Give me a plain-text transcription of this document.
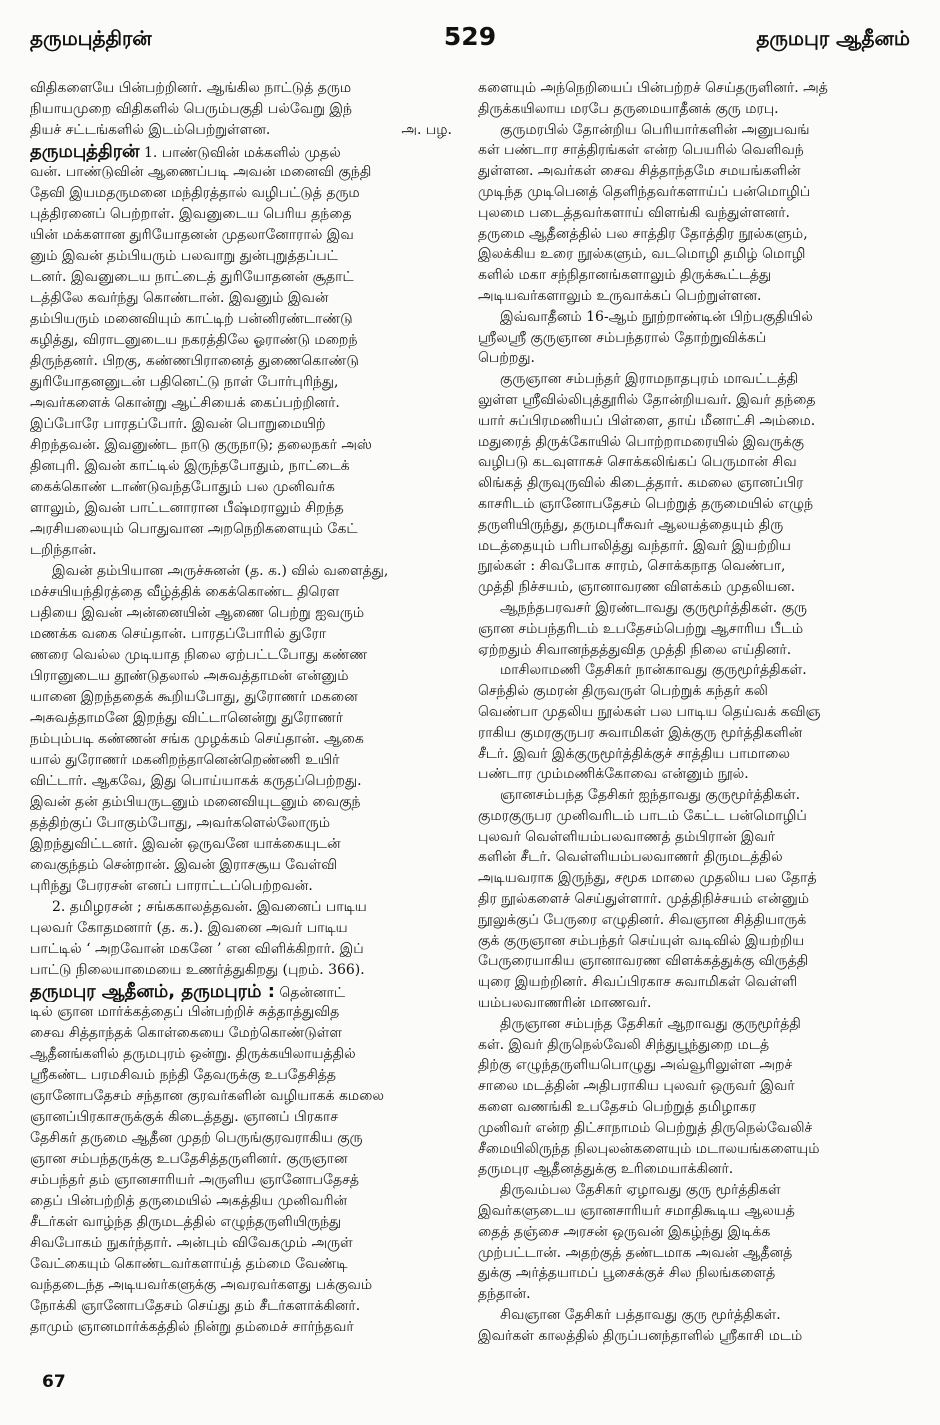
தருமபுத்திரன்	529	தருமபுர ஆதீனம்
விதிகளையே பின்பற்றினர். ஆங்கில நாட்டுத் தரும
நியாயமுறை விதிகளில் பெரும்பகுதி பல்வேறு இந்
அ. பழ.
தியச் சட்டங்களில் இடம்பெற்றுள்ளன.
தருமபுத்திரன் 1. பாண்டுவின் மக்களில் முதல்
வன். பாண்டுவின் ஆணைப்படி அவன் மனைவி குந்தி
தேவி இயமதருமனை மந்திரத்தால் வழிபட்டுத் தரும
புத்திரனைப் பெற்றாள். இவனுடைய பெரிய தந்தை
யின் மக்களான துரியோதனன் முதலானோரால் இவ
னும் இவன் தம்பியரும் பலவாறு துன்புறுத்தப்பட்
டனர். இவனுடைய நாட்டைத் துரியோதனன் சூதாட்
டத்திலே கவர்ந்து கொண்டான். இவனும் இவன்
தம்பியரும் மனைவியும் காட்டிற் பன்னிரண்டாண்டு
கழித்து, விராடனுடைய நகரத்திலே ஓராண்டு மறைந்
திருந்தனர். பிறகு, கண்ணபிரானைத் துணைகொண்டு
துரியோதனனுடன் பதினெட்டு நாள் போர்புரிந்து,
அவர்களைக் கொன்று ஆட்சியைக் கைப்பற்றினர்.
இப்போரே பாரதப்போர். இவன் பொறுமையிற்
சிறந்தவன். இவனுண்ட நாடு குருநாடு; தலைநகர் அஸ்
தினபுரி. இவன் காட்டில் இருந்தபோதும், நாட்டைக்
கைக்கொண் டாண்டுவந்தபோதும் பல முனிவர்க
ளாலும், இவன் பாட்டனாரான பீஷ்மராலும் சிறந்த
அரசியலையும் பொதுவான அறநெறிகளையும் கேட்
டறிந்தான்.
இவன் தம்பியான அருச்சுனன் (த. க.) வில் வளைத்து,
மச்சயியந்திரத்தை வீழ்த்திக் கைக்கொண்ட திரௌ
பதியை இவன் அன்னையின் ஆணை பெற்று ஐவரும்
மணக்க வகை செய்தான். பாரதப்போரில் துரோ
ணரை வெல்ல முடியாத நிலை ஏற்பட்டபோது கண்ண
பிரானுடைய தூண்டுதலால் அசுவத்தாமன் என்னும்
யானை இறந்ததைக் கூறியபோது, துரோணர் மகனை
அசுவத்தாமனே இறந்து விட்டானென்று துரோணர்
நம்பும்படி கண்ணன் சங்க முழக்கம் செய்தான். ஆகை
யால் துரோணர் மகனிறந்தானென்றெண்ணி உயிர்
விட்டார். ஆகவே, இது பொய்யாகக் கருதப்பெற்றது.
இவன் தன் தம்பியருடனும் மனைவியுடனும் வைகுந்
தத்திற்குப் போகும்போது, அவர்களெல்லோரும்
இறந்துவிட்டனர். இவன் ஒருவனே யாக்கையுடன்
வைகுந்தம் சென்றான். இவன் இராசசூய வேள்வி
புரிந்து பேரரசன் எனப் பாராட்டப்பெற்றவன்.
2. தமிழரசன் ; சங்ககாலத்தவன். இவனைப் பாடிய
புலவர் கோதமனார் (த. க.). இவனை அவர் பாடிய
பாட்டில் ‘ அறவோன் மகனே ’ என விளிக்கிறார். இப்
பாட்டு நிலையாமையை உணர்த்துகிறது (புறம். 366).
தருமபுர ஆதீனம், தருமபுரம் : தென்னாட்
டில் ஞான மார்க்கத்தைப் பின்பற்றிச் சுத்தாத்துவித
சைவ சித்தாந்தக் கொள்கையை மேற்கொண்டுள்ள
ஆதீனங்களில் தருமபுரம் ஒன்று. திருக்கயிலாயத்தில்
ஸ்ரீகண்ட பரமசிவம் நந்தி தேவருக்கு உபதேசித்த
ஞானோபதேசம் சந்தான குரவர்களின் வழியாகக் கமலை
ஞானப்பிரகாசருக்குக் கிடைத்தது. ஞானப் பிரகாச
தேசிகர் தருமை ஆதீன முதற் பெருங்குரவராகிய குரு
ஞான சம்பந்தருக்கு உபதேசித்தருளினர். குருஞான
சம்பந்தர் தம் ஞானசாரியர் அருளிய ஞானோபதேசத்
தைப் பின்பற்றித் தருமையில் அகத்திய முனிவரின்
சீடர்கள் வாழ்ந்த திருமடத்தில் எழுந்தருளியிருந்து
சிவபோகம் நுகர்ந்தார். அன்பும் விவேகமும் அருள்
வேட்கையும் கொண்டவர்களாய்த் தம்மை வேண்டி
வந்தடைந்த அடியவர்களுக்கு அவரவர்களது பக்குவம்
நோக்கி ஞானோபதேசம் செய்து தம் சீடர்களாக்கினர்.
தாமும் ஞானமார்க்கத்தில் நின்று தம்மைச் சார்ந்தவர்
களையும் அந்நெறியைப் பின்பற்றச் செய்தருளினர். அத்
திருக்கயிலாய மரபே தருமையாதீனக் குரு மரபு.
குருமரபில் தோன்றிய பெரியார்களின் அனுபவங்
கள் பண்டார சாத்திரங்கள் என்ற பெயரில் வெளிவந்
துள்ளன. அவர்கள் சைவ சித்தாந்தமே சமயங்களின்
முடிந்த முடிபெனத் தெளிந்தவர்களாய்ப் பன்மொழிப்
புலமை படைத்தவர்களாய் விளங்கி வந்துள்ளனர்.
தருமை ஆதீனத்தில் பல சாத்திர தோத்திர நூல்களும்,
இலக்கிய உரை நூல்களும், வடமொழி தமிழ் மொழி
களில் மகா சந்நிதானங்களாலும் திருக்கூட்டத்து
அடியவர்களாலும் உருவாக்கப் பெற்றுள்ளன.
இவ்வாதீனம் 16-ஆம் நூற்றாண்டின் பிற்பகுதியில்
ஸ்ரீலஸ்ரீ குருஞான சம்பந்தரால் தோற்றுவிக்கப்
பெற்றது.
குருஞான சம்பந்தர் இராமநாதபுரம் மாவட்டத்தி
லுள்ள ஸ்ரீவில்லிபுத்தூரில் தோன்றியவர். இவர் தந்தை
யார் சுப்பிரமணியப் பிள்ளை, தாய் மீனாட்சி அம்மை.
மதுரைத் திருக்கோயில் பொற்றாமரையில் இவருக்கு
வழிபடு கடவுளாகச் சொக்கலிங்கப் பெருமான் சிவ
லிங்கத் திருவுருவில் கிடைத்தார். கமலை ஞானப்பிர
காசரிடம் ஞானோபதேசம் பெற்றுத் தருமையில் எழுந்
தருளியிருந்து, தருமபுரீசுவர் ஆலயத்தையும் திரு
மடத்தையும் பரிபாலித்து வந்தார். இவர் இயற்றிய
நூல்கள் : சிவபோக சாரம், சொக்கநாத வெண்பா,
முத்தி நிச்சயம், ஞானாவரண விளக்கம் முதலியன.
ஆநந்தபரவசர் இரண்டாவது குருமூர்த்திகள். குரு
ஞான சம்பந்தரிடம் உபதேசம்பெற்று ஆசாரிய பீடம்
ஏற்றதும் சிவானந்தத்துவித முத்தி நிலை எய்தினர்.
மாசிலாமணி தேசிகர் நான்காவது குருமூர்த்திகள்.
செந்தில் குமரன் திருவருள் பெற்றுக் கந்தர் கலி
வெண்பா முதலிய நூல்கள் பல பாடிய தெய்வக் கவிஞ
ராகிய குமரகுருபர சுவாமிகள் இக்குரு மூர்த்திகளின்
சீடர். இவர் இக்குருமூர்த்திக்குச் சாத்திய பாமாலை
பண்டார மும்மணிக்கோவை என்னும் நூல்.
ஞானசம்பந்த தேசிகர் ஐந்தாவது குருமூர்த்திகள்.
குமரகுருபர முனிவரிடம் பாடம் கேட்ட பன்மொழிப்
புலவர் வெள்ளியம்பலவாணத் தம்பிரான் இவர்
களின் சீடர். வெள்ளியம்பலவாணர் திருமடத்தில்
அடியவராக இருந்து, சமூக மாலை முதலிய பல தோத்
திர நூல்களைச் செய்துள்ளார். முத்திநிச்சயம் என்னும்
நூலுக்குப் பேருரை எழுதினர். சிவஞான சித்தியாருக்
குக் குருஞான சம்பந்தர் செய்யுள் வடிவில் இயற்றிய
பேருரையாகிய ஞானாவரண விளக்கத்துக்கு விருத்தி
யுரை இயற்றினர். சிவப்பிரகாச சுவாமிகள் வெள்ளி
யம்பலவாணரின் மாணவர்.
திருஞான சம்பந்த தேசிகர் ஆறாவது குருமூர்த்தி
கள். இவர் திருநெல்வேலி சிந்துபூந்துறை மடத்
திற்கு எழுந்தருளியபொழுது அவ்வூரிலுள்ள அறச்
சாலை மடத்தின் அதிபராகிய புலவர் ஒருவர் இவர்
களை வணங்கி உபதேசம் பெற்றுத் தமிழாகர
முனிவர் என்ற திட்சாநாமம் பெற்றுத் திருநெல்வேலிச்
சீமையிலிருந்த நிலபுலன்களையும் மடாலயங்களையும்
தருமபுர ஆதீனத்துக்கு உரிமையாக்கினர்.
திருவம்பல தேசிகர் ஏழாவது குரு மூர்த்திகள்
இவர்களுடைய ஞானசாரியர் சமாதிகூடிய ஆலயத்
தைத் தஞ்சை அரசன் ஒருவன் இகழ்ந்து இடிக்க
முற்பட்டான். அதற்குத் தண்டமாக அவன் ஆதீனத்
துக்கு அர்த்தயாமப் பூசைக்குச் சில நிலங்களைத்
தந்தான்.
சிவஞான தேசிகர் பத்தாவது குரு மூர்த்திகள்.
இவர்கள் காலத்தில் திருப்பனந்தாளில் ஸ்ரீகாசி மடம்
67
